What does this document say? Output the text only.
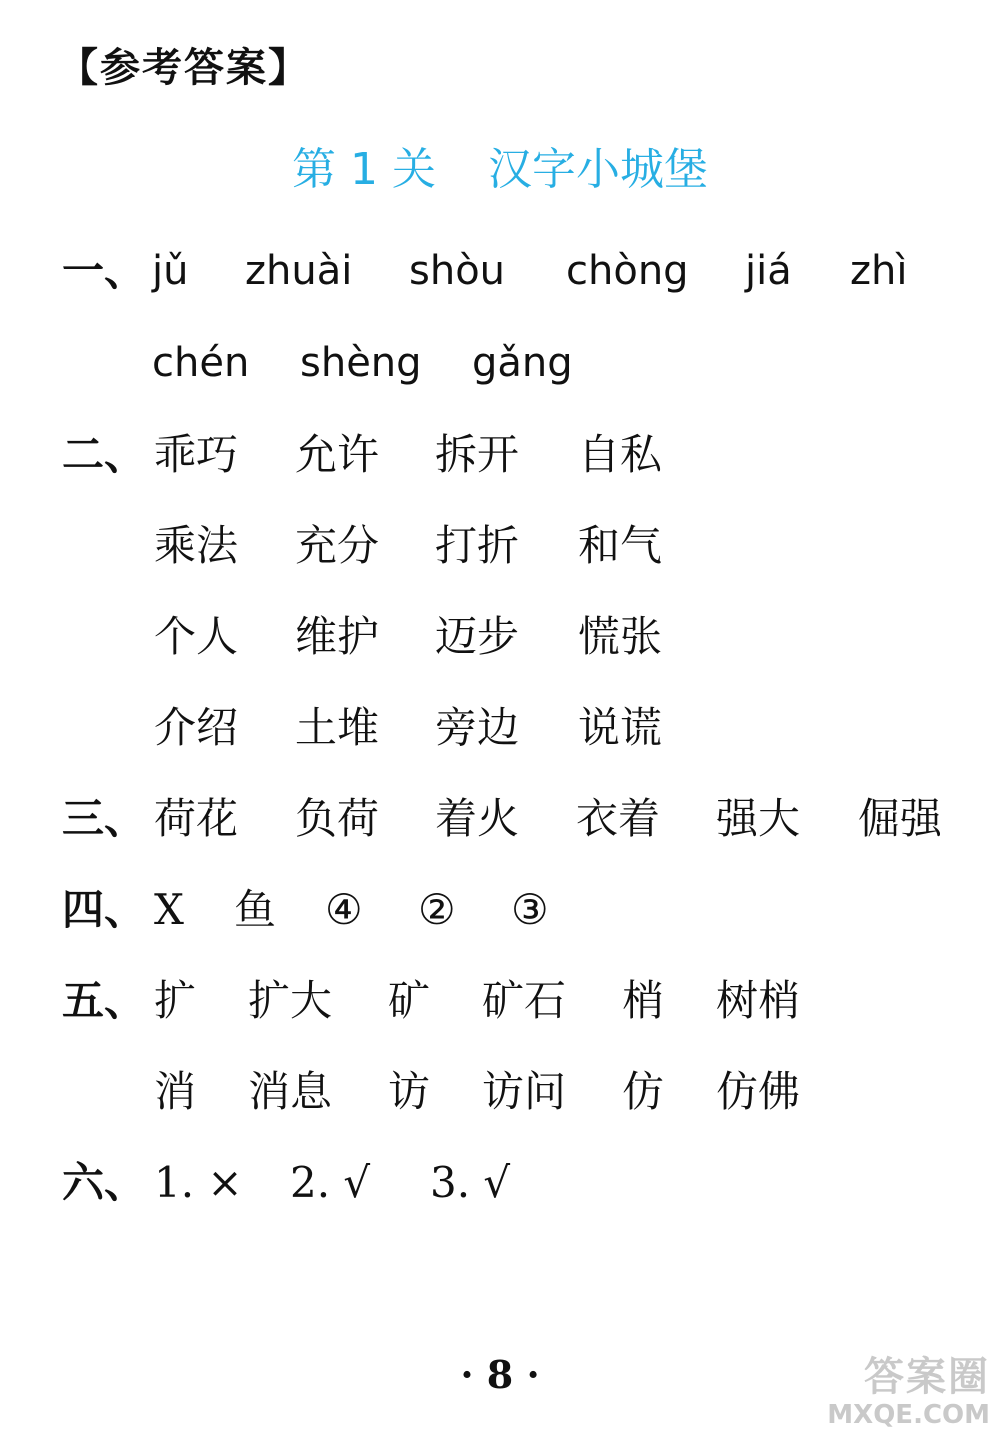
【参考答案】
第 1 关 汉字小城堡
一、 jǔ zhuài shòu chòng jiá zhì
chén shèng gǎng
二、 乖巧 允许 拆开 自私
乘法 充分 打折 和气
个人 维护 迈步 慌张
介绍 土堆 旁边 说谎
三、 荷花 负荷 着火 衣着 强大 倔强
四、 X 鱼 ④ ② ③
五、 扩 扩大 矿 矿石 梢 树梢
消 消息 访 访问 仿 仿佛
六、 1. × 2. √ 3. √
· 8 ·	答案圈
MXQE.COM
